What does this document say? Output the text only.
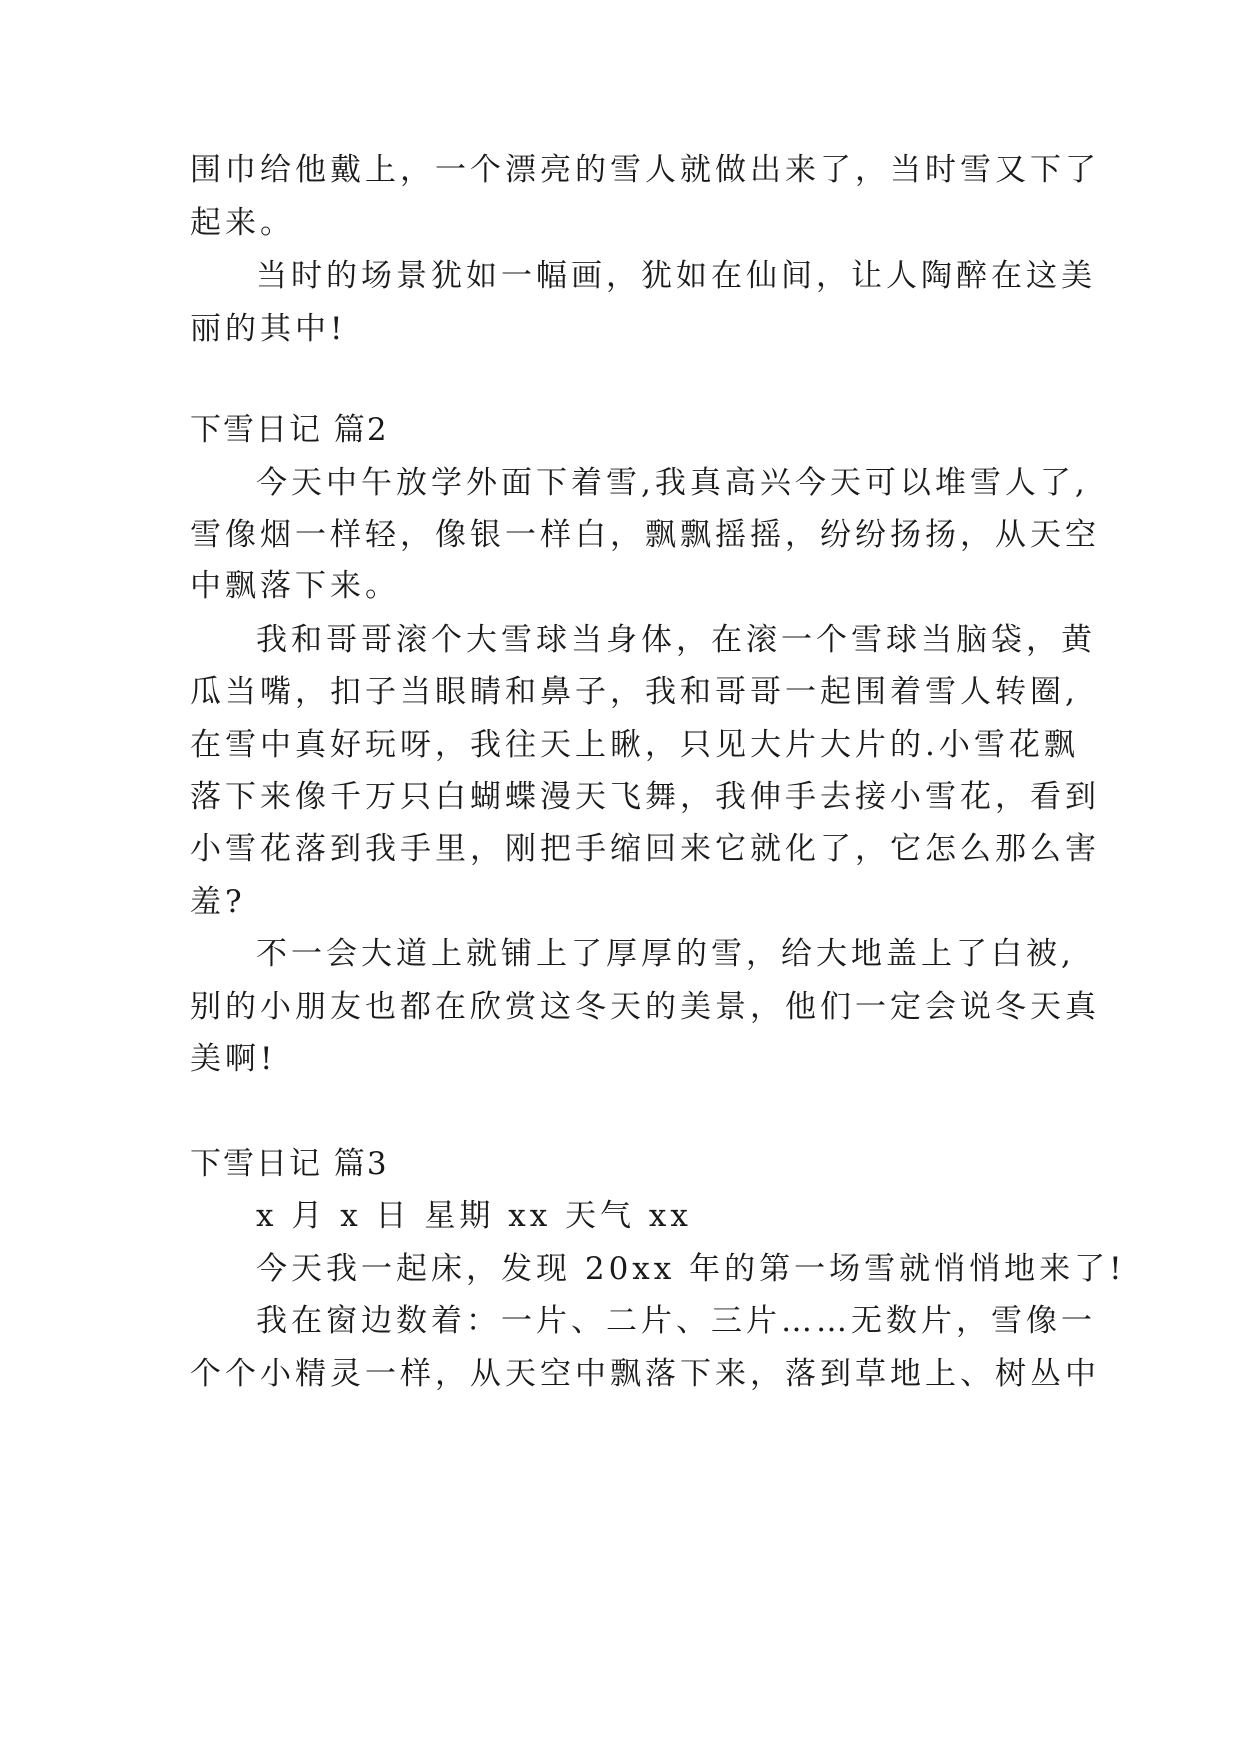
围巾给他戴上，一个漂亮的雪人就做出来了，当时雪又下了
起来。
当时的场景犹如一幅画，犹如在仙间，让人陶醉在这美
丽的其中!
下雪日记 篇2
今天中午放学外面下着雪,我真高兴今天可以堆雪人了,
雪像烟一样轻，像银一样白，飘飘摇摇，纷纷扬扬，从天空
中飘落下来。
我和哥哥滚个大雪球当身体，在滚一个雪球当脑袋，黄
瓜当嘴，扣子当眼睛和鼻子，我和哥哥一起围着雪人转圈,
在雪中真好玩呀，我往天上瞅，只见大片大片的.小雪花飘
落下来像千万只白蝴蝶漫天飞舞，我伸手去接小雪花，看到
小雪花落到我手里，刚把手缩回来它就化了，它怎么那么害
羞?
不一会大道上就铺上了厚厚的雪，给大地盖上了白被,
别的小朋友也都在欣赏这冬天的美景，他们一定会说冬天真
美啊!
下雪日记 篇3
x 月 x 日 星期 xx 天气 xx
今天我一起床，发现 20xx 年的第一场雪就悄悄地来了!
我在窗边数着：一片、二片、三片……无数片，雪像一
个个小精灵一样，从天空中飘落下来，落到草地上、树丛中
